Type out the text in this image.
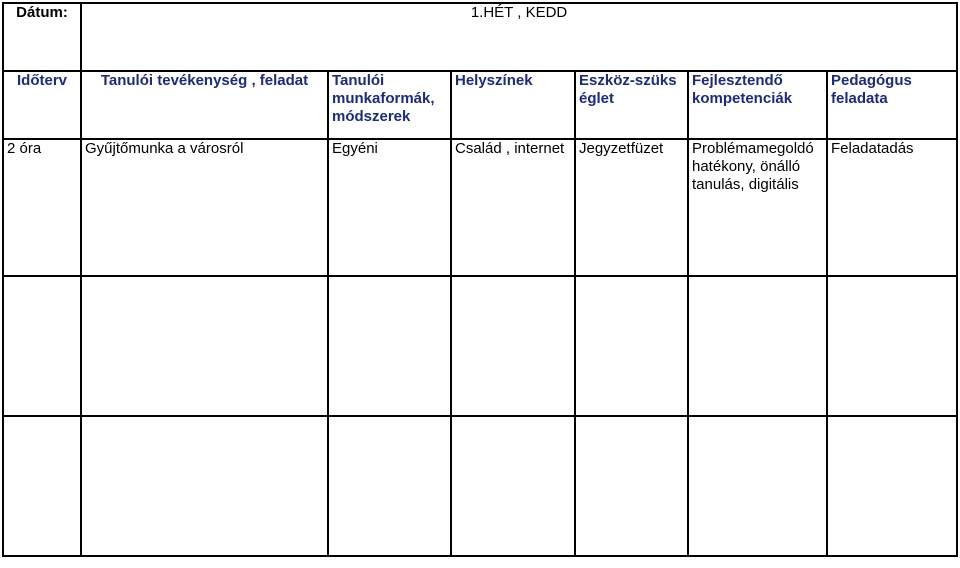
Dátum:	1.HÉT , KEDD					
Időterv	Tanulói tevékenység , feladat	Tanulói munkaformák, módszerek	Helyszínek	Eszköz-szükséglet	Fejlesztendő kompetenciák	Pedagógus feladata
2 óra	Gyűjtőmunka a városról	Egyéni	Család , internet	Jegyzetfüzet	Problémamegoldó hatékony, önálló tanulás, digitális	Feladatadás
